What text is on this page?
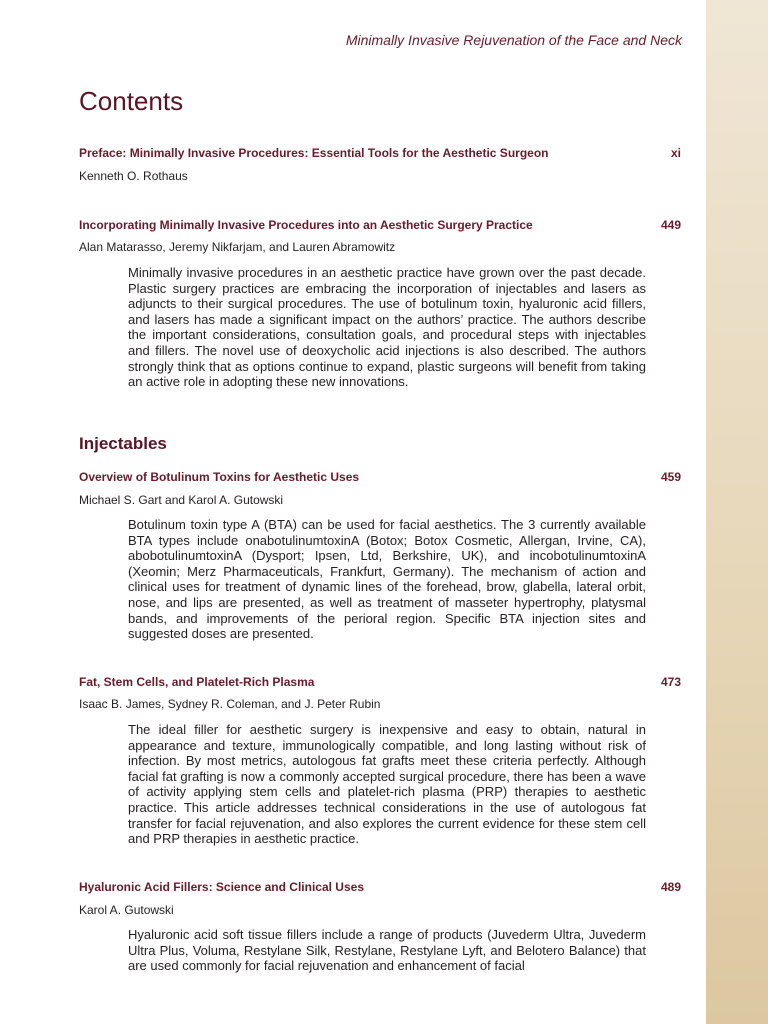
Minimally Invasive Rejuvenation of the Face and Neck
Contents
Preface: Minimally Invasive Procedures: Essential Tools for the Aesthetic Surgeon	xi
Kenneth O. Rothaus
Incorporating Minimally Invasive Procedures into an Aesthetic Surgery Practice	449
Alan Matarasso, Jeremy Nikfarjam, and Lauren Abramowitz

Minimally invasive procedures in an aesthetic practice have grown over the past decade. Plastic surgery practices are embracing the incorporation of injectables and lasers as adjuncts to their surgical procedures. The use of botulinum toxin, hyaluronic acid fillers, and lasers has made a significant impact on the authors’ practice. The authors describe the important considerations, consultation goals, and procedural steps with injectables and fillers. The novel use of deoxycholic acid injections is also described. The authors strongly think that as options continue to expand, plastic surgeons will benefit from taking an active role in adopting these new innovations.

Injectables
Overview of Botulinum Toxins for Aesthetic Uses	459
Michael S. Gart and Karol A. Gutowski

Botulinum toxin type A (BTA) can be used for facial aesthetics. The 3 currently available BTA types include onabotulinumtoxinA (Botox; Botox Cosmetic, Allergan, Irvine, CA), abobotulinumtoxinA (Dysport; Ipsen, Ltd, Berkshire, UK), and incobotulinumtoxinA (Xeomin; Merz Pharmaceuticals, Frankfurt, Germany). The mechanism of action and clinical uses for treatment of dynamic lines of the forehead, brow, glabella, lateral orbit, nose, and lips are presented, as well as treatment of masseter hypertrophy, platysmal bands, and improvements of the perioral region. Specific BTA injection sites and suggested doses are presented.

Fat, Stem Cells, and Platelet-Rich Plasma	473
Isaac B. James, Sydney R. Coleman, and J. Peter Rubin

The ideal filler for aesthetic surgery is inexpensive and easy to obtain, natural in appearance and texture, immunologically compatible, and long lasting without risk of infection. By most metrics, autologous fat grafts meet these criteria perfectly. Although facial fat grafting is now a commonly accepted surgical procedure, there has been a wave of activity applying stem cells and platelet-rich plasma (PRP) therapies to aesthetic practice. This article addresses technical considerations in the use of autologous fat transfer for facial rejuvenation, and also explores the current evidence for these stem cell and PRP therapies in aesthetic practice.

Hyaluronic Acid Fillers: Science and Clinical Uses	489
Karol A. Gutowski

Hyaluronic acid soft tissue fillers include a range of products (Juvederm Ultra, Juvederm Ultra Plus, Voluma, Restylane Silk, Restylane, Restylane Lyft, and Belotero Balance) that are used commonly for facial rejuvenation and enhancement of facial
